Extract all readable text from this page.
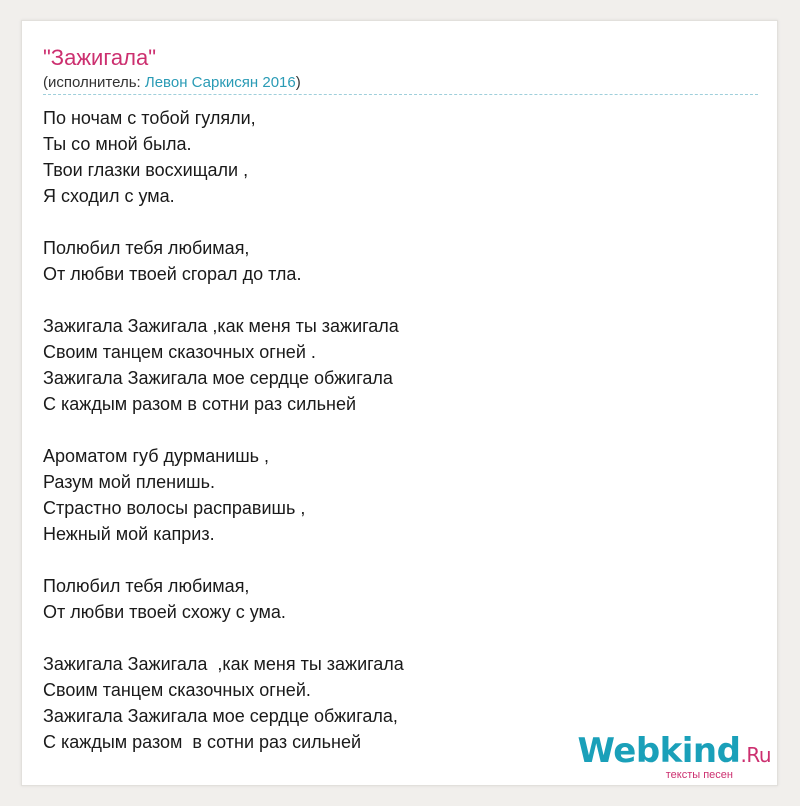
"Зажигала"
(исполнитель: Левон Саркисян 2016)
По ночам с тобой гуляли,
Ты со мной была.
Твои глазки восхищали ,
Я сходил с ума.
Полюбил тебя любимая,
От любви твоей сгорал до тла.
Зажигала Зажигала ,как меня ты зажигала
Своим танцем сказочных огней .
Зажигала Зажигала мое сердце обжигала
С каждым разом в сотни раз сильней
Ароматом губ дурманишь ,
Разум мой пленишь.
Страстно волосы расправишь ,
Нежный мой каприз.
Полюбил тебя любимая,
От любви твоей схожу с ума.
Зажигала Зажигала  ,как меня ты зажигала
Своим танцем сказочных огней.
Зажигала Зажигала мое сердце обжигала,
С каждым разом  в сотни раз сильней	Webkind.Ru
тексты песен
